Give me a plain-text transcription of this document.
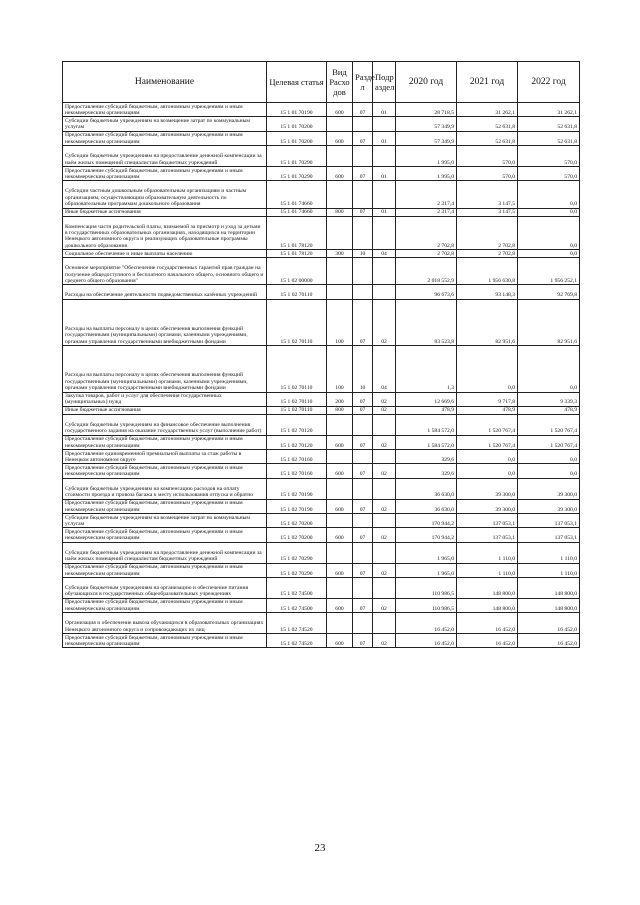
Наименование	Целевая статья	Вид Расхо дов	Разде л	Подр аздел	2020 год	2021 год	2022 год
Предоставление субсидий бюджетным, автономным учреждениям и иным некоммерческим организациям	15 1 01 70190	600	07	01	28 718,5	31 262,1	31 262,1
Субсидии бюджетным учреждениям на возмещение затрат по коммунальным услугам	15 1 01 70200				57 349,9	52 631,8	52 631,8
Предоставление субсидий бюджетным, автономным учреждениям и иным некоммерческим организациям	15 1 01 70200	600	07	01	57 349,9	52 631,8	52 631,8
Субсидии бюджетным учреждениям на предоставление денежной компенсации за наём жилых помещений специалистам бюджетных учреждений	15 1 01 70290				1 995,0	570,0	570,0
Предоставление субсидий бюджетным, автономным учреждениям и иным некоммерческим организациям	15 1 01 70290	600	07	01	1 995,0	570,0	570,0
Субсидии частным дошкольным образовательным организациям и частным организациям, осуществляющим образовательную деятельность по образовательным программам дошкольного образования	15 1 01 74660				2 317,4	3 147,5	0,0
Иные бюджетные ассигнования	15 1 01 74660	800	07	01	2 317,4	3 147,5	0,0
Компенсация части родительской платы, взимаемой за присмотр и уход за детьми в государственных образовательных организациях, находящихся на территории Ненецкого автономного округа и реализующих образовательные программы дошкольного образования	15 1 01 78120				2 702,8	2 702,8	0,0
Социальное обеспечение и иные выплаты населению	15 1 01 78120	300	10	04	2 702,8	2 702,8	0,0
Основное мероприятие "Обеспечение государственных гарантий прав граждан на получение общедоступного и бесплатного начального общего, основного общего и среднего общего образования"	15 1 02 00000				2 018 552,9	1 956 630,8	1 956 252,1
Расходы на обеспечение деятельности подведомственных казённых учреждений	15 1 02 70110				96 673,6	93 148,3	92 769,8
Расходы на выплаты персоналу в целях обеспечения выполнения функций государственными (муниципальными) органами, казенными учреждениями, органами управления государственными внебюджетными фондами	15 1 02 70110	100	07	02	83 523,8	82 951,6	82 951,6
Расходы на выплаты персоналу в целях обеспечения выполнения функций государственными (муниципальными) органами, казенными учреждениями, органами управления государственными внебюджетными фондами	15 1 02 70110	100	10	04	1,3	0,0	0,0
Закупка товаров, работ и услуг для обеспечения государственных (муниципальных) нужд	15 1 02 70110	200	07	02	12 669,6	9 717,8	9 339,3
Иные бюджетные ассигнования	15 1 02 70110	800	07	02	478,9	478,9	478,9
Субсидии бюджетным учреждениям на финансовое обеспечение выполнения государственного задания на оказание государственных услуг (выполнение работ)	15 1 02 70120				1 584 572,0	1 520 767,4	1 520 767,4
Предоставление субсидий бюджетным, автономным учреждениям и иным некоммерческим организациям	15 1 02 70120	600	07	02	1 584 572,0	1 520 767,4	1 520 767,4
Предоставление единовременной премиальной выплаты за стаж работы в Ненецком автономном округе	15 1 02 70160				329,6	0,0	0,0
Предоставление субсидий бюджетным, автономным учреждениям и иным некоммерческим организациям	15 1 02 70160	600	07	02	329,6	0,0	0,0
Субсидии бюджетным учреждениям на компенсацию расходов на оплату стоимости проезда и провоза багажа к месту использования отпуска и обратно	15 1 02 70190				36 630,0	39 300,0	39 300,0
Предоставление субсидий бюджетным, автономным учреждениям и иным некоммерческим организациям	15 1 02 70190	600	07	02	36 630,0	39 300,0	39 300,0
Субсидии бюджетным учреждениям на возмещение затрат по коммунальным услугам	15 1 02 70200				170 944,2	137 053,1	137 053,1
Предоставление субсидий бюджетным, автономным учреждениям и иным некоммерческим организациям	15 1 02 70200	600	07	02	170 944,2	137 053,1	137 053,1
Субсидии бюджетным учреждениям на предоставление денежной компенсации за наём жилых помещений специалистам бюджетных учреждений	15 1 02 70290				1 965,0	1 110,0	1 110,0
Предоставление субсидий бюджетным, автономным учреждениям и иным некоммерческим организациям	15 1 02 70290	600	07	02	1 965,0	1 110,0	1 110,0
Субсидии бюджетным учреждениям на организацию и обеспечение питания обучающихся в государственных общеобразовательных учреждениях	15 1 02 74500				110 986,5	148 800,0	148 800,0
Предоставление субсидий бюджетным, автономным учреждениям и иным некоммерческим организациям	15 1 02 74500	600	07	02	110 986,5	148 800,0	148 800,0
Организация и обеспечение вывоза обучающихся в образовательных организациях Ненецкого автономного округа и сопровождающих их лиц	15 1 02 74520				16 452,0	16 452,0	16 452,0
Предоставление субсидий бюджетным, автономным учреждениям и иным некоммерческим организациям	15 1 02 74520	600	07	02	16 452,0	16 452,0	16 452,0
23
